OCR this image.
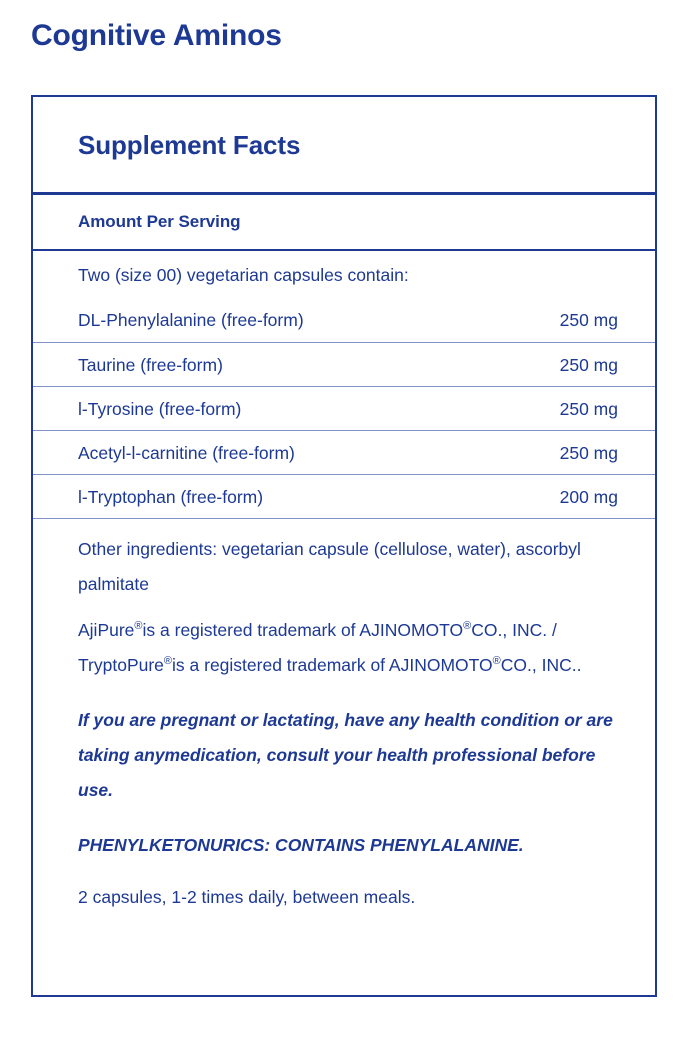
Cognitive Aminos
Supplement Facts
Amount Per Serving
Two (size 00) vegetarian capsules contain:
DL-Phenylalanine (free-form)	250 mg
Taurine (free-form)	250 mg
l-Tyrosine (free-form)	250 mg
Acetyl-l-carnitine (free-form)	250 mg
l-Tryptophan (free-form)	200 mg
Other ingredients: vegetarian capsule (cellulose, water), ascorbyl palmitate
AjiPure®is a registered trademark of AJINOMOTO®CO., INC. / TryptoPure®is a registered trademark of AJINOMOTO®CO., INC..
If you are pregnant or lactating, have any health condition or are taking anymedication, consult your health professional before use.
PHENYLKETONURICS: CONTAINS PHENYLALANINE.
2 capsules, 1-2 times daily, between meals.
